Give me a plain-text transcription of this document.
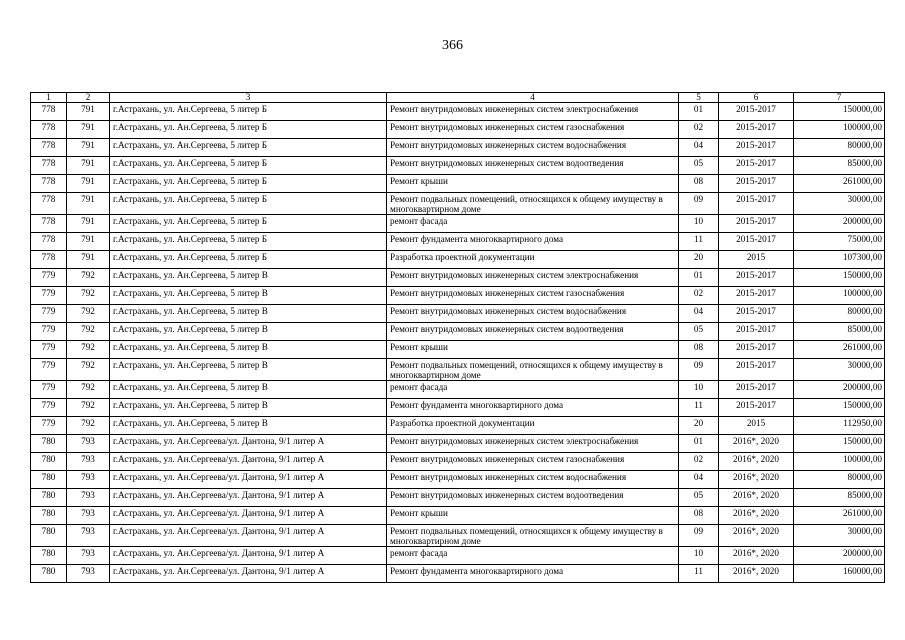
366
1	2	3	4	5	6	7
778	791	г.Астрахань, ул. Ан.Сергеева, 5 литер Б	Ремонт внутридомовых инженерных систем электроснабжения	01	2015-2017	150000,00
778	791	г.Астрахань, ул. Ан.Сергеева, 5 литер Б	Ремонт внутридомовых инженерных систем газоснабжения	02	2015-2017	100000,00
778	791	г.Астрахань, ул. Ан.Сергеева, 5 литер Б	Ремонт внутридомовых инженерных систем водоснабжения	04	2015-2017	80000,00
778	791	г.Астрахань, ул. Ан.Сергеева, 5 литер Б	Ремонт внутридомовых инженерных систем водоотведения	05	2015-2017	85000,00
778	791	г.Астрахань, ул. Ан.Сергеева, 5 литер Б	Ремонт крыши	08	2015-2017	261000,00
778	791	г.Астрахань, ул. Ан.Сергеева, 5 литер Б	Ремонт подвальных помещений, относящихся к общему имуществу в многоквартирном доме	09	2015-2017	30000,00
778	791	г.Астрахань, ул. Ан.Сергеева, 5 литер Б	ремонт фасада	10	2015-2017	200000,00
778	791	г.Астрахань, ул. Ан.Сергеева, 5 литер Б	Ремонт фундамента многоквартирного дома	11	2015-2017	75000,00
778	791	г.Астрахань, ул. Ан.Сергеева, 5 литер Б	Разработка проектной документации	20	2015	107300,00
779	792	г.Астрахань, ул. Ан.Сергеева, 5 литер В	Ремонт внутридомовых инженерных систем электроснабжения	01	2015-2017	150000,00
779	792	г.Астрахань, ул. Ан.Сергеева, 5 литер В	Ремонт внутридомовых инженерных систем газоснабжения	02	2015-2017	100000,00
779	792	г.Астрахань, ул. Ан.Сергеева, 5 литер В	Ремонт внутридомовых инженерных систем водоснабжения	04	2015-2017	80000,00
779	792	г.Астрахань, ул. Ан.Сергеева, 5 литер В	Ремонт внутридомовых инженерных систем водоотведения	05	2015-2017	85000,00
779	792	г.Астрахань, ул. Ан.Сергеева, 5 литер В	Ремонт крыши	08	2015-2017	261000,00
779	792	г.Астрахань, ул. Ан.Сергеева, 5 литер В	Ремонт подвальных помещений, относящихся к общему имуществу в многоквартирном доме	09	2015-2017	30000,00
779	792	г.Астрахань, ул. Ан.Сергеева, 5 литер В	ремонт фасада	10	2015-2017	200000,00
779	792	г.Астрахань, ул. Ан.Сергеева, 5 литер В	Ремонт фундамента многоквартирного дома	11	2015-2017	150000,00
779	792	г.Астрахань, ул. Ан.Сергеева, 5 литер В	Разработка проектной документации	20	2015	112950,00
780	793	г.Астрахань, ул. Ан.Сергеева/ул. Дантона, 9/1 литер А	Ремонт внутридомовых инженерных систем электроснабжения	01	2016*, 2020	150000,00
780	793	г.Астрахань, ул. Ан.Сергеева/ул. Дантона, 9/1 литер А	Ремонт внутридомовых инженерных систем газоснабжения	02	2016*, 2020	100000,00
780	793	г.Астрахань, ул. Ан.Сергеева/ул. Дантона, 9/1 литер А	Ремонт внутридомовых инженерных систем водоснабжения	04	2016*, 2020	80000,00
780	793	г.Астрахань, ул. Ан.Сергеева/ул. Дантона, 9/1 литер А	Ремонт внутридомовых инженерных систем водоотведения	05	2016*, 2020	85000,00
780	793	г.Астрахань, ул. Ан.Сергеева/ул. Дантона, 9/1 литер А	Ремонт крыши	08	2016*, 2020	261000,00
780	793	г.Астрахань, ул. Ан.Сергеева/ул. Дантона, 9/1 литер А	Ремонт подвальных помещений, относящихся к общему имуществу в многоквартирном доме	09	2016*, 2020	30000,00
780	793	г.Астрахань, ул. Ан.Сергеева/ул. Дантона, 9/1 литер А	ремонт фасада	10	2016*, 2020	200000,00
780	793	г.Астрахань, ул. Ан.Сергеева/ул. Дантона, 9/1 литер А	Ремонт фундамента многоквартирного дома	11	2016*, 2020	160000,00
